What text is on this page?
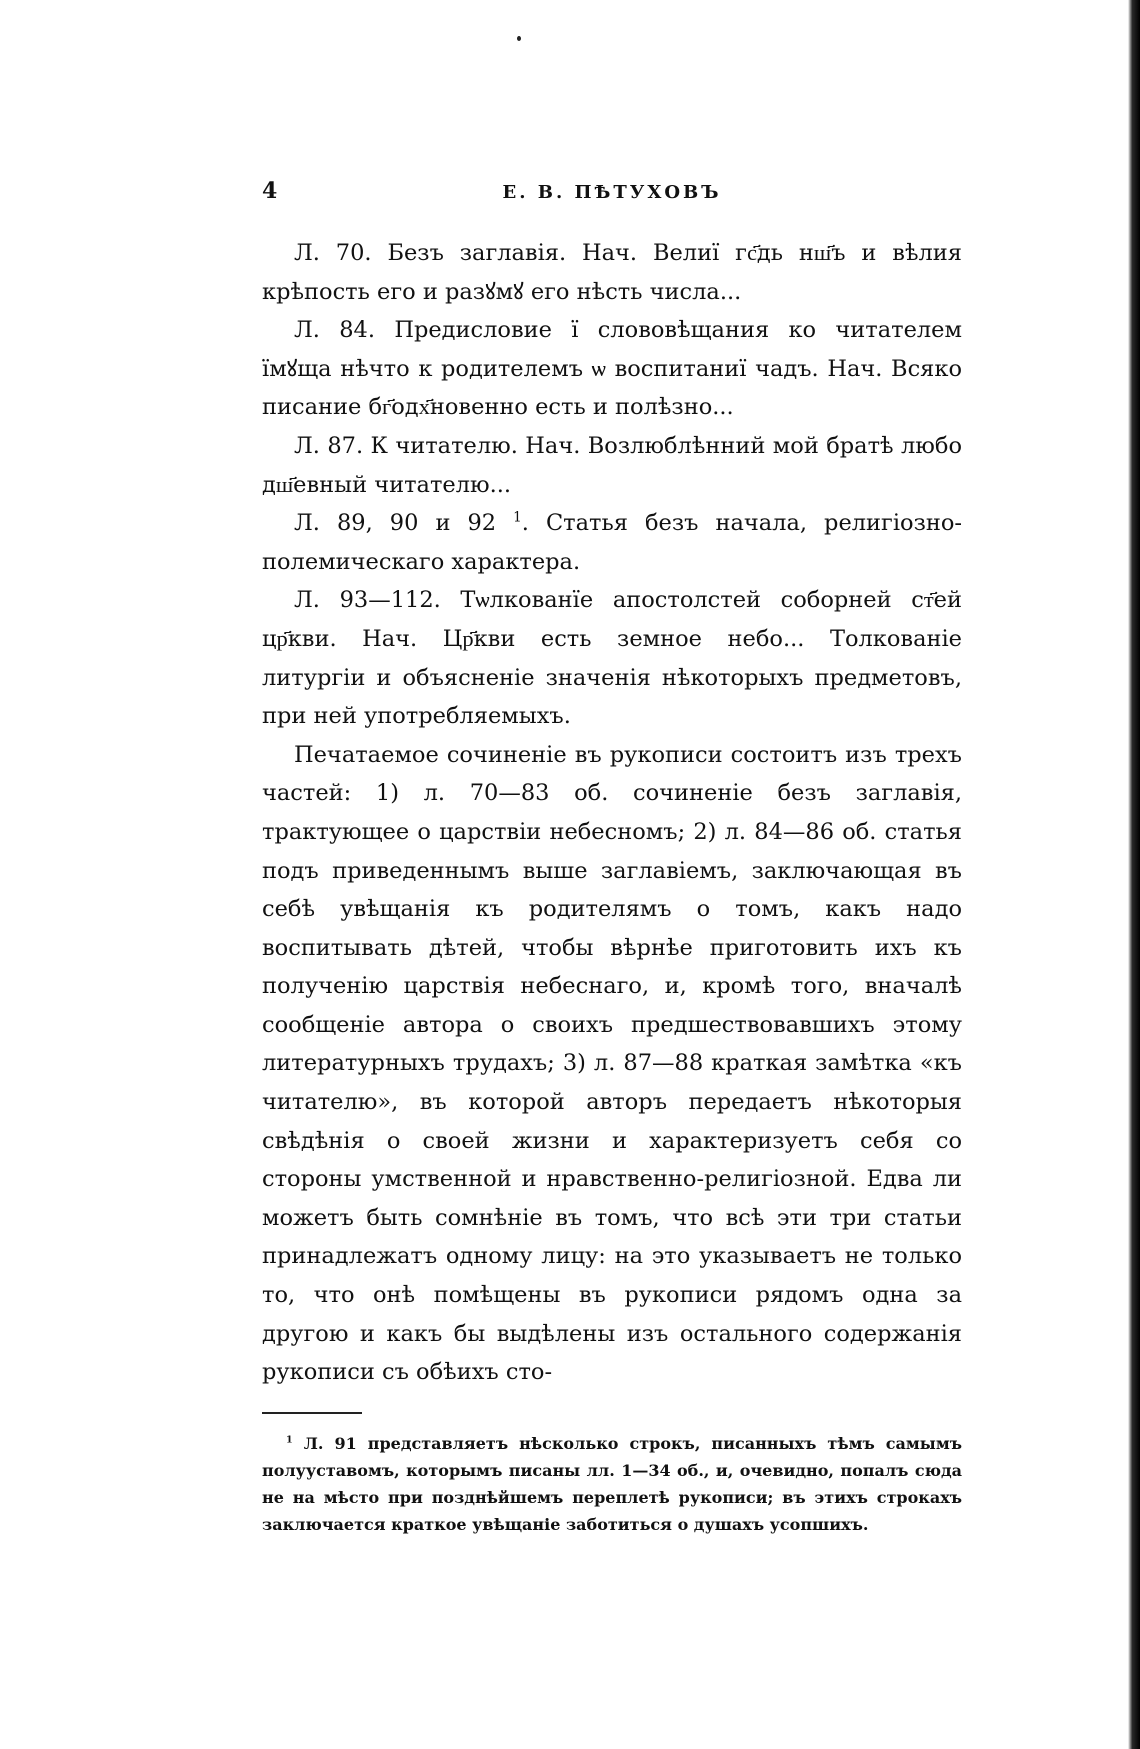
4	Е. В. ПѢТУХОВЪ

Л. 70. Безъ заглавія. Нач. Велиї гс҃дь нш҃ъ и вѣлия крѣпость его и разꙋмꙋ его нѣсть числа...

Л. 84. Предисловие ї слововѣщания ко читателем їмꙋща нѣчто к родителемъ ѡ воспитаниї чадъ. Нач. Всяко писание бг҃одх҃новенно есть и полѣзно...

Л. 87. К читателю. Нач. Возлюблѣнний мой братѣ любо дш҃евный читателю...

Л. 89, 90 и 92 $^1$. Статья безъ начала, религіозно-полемическаго характера.

Л. 93—112. Тѡлкованїе апостолстей соборней ст҃ей цр҃кви. Нач. Цр҃кви есть земное небо... Толкованіе литургіи и объясненіе значенія нѣкоторыхъ предметовъ, при ней употребляемыхъ.

Печатаемое сочиненіе въ рукописи состоитъ изъ трехъ частей: 1) л. 70—83 об. сочиненіе безъ заглавія, трактующее о царствіи небесномъ; 2) л. 84—86 об. статья подъ приведеннымъ выше заглавіемъ, заключающая въ себѣ увѣщанія къ родителямъ о томъ, какъ надо воспитывать дѣтей, чтобы вѣрнѣе приготовить ихъ къ полученію царствія небеснаго, и, кромѣ того, вначалѣ сообщеніе автора о своихъ предшествовавшихъ этому литературныхъ трудахъ; 3) л. 87—88 краткая замѣтка «къ читателю», въ которой авторъ передаетъ нѣкоторыя свѣдѣнія о своей жизни и характеризуетъ себя со стороны умственной и нравственно-религіозной. Едва ли можетъ быть сомнѣніе въ томъ, что всѣ эти три статьи принадлежатъ одному лицу: на это указываетъ не только то, что онѣ помѣщены въ рукописи рядомъ одна за другою и какъ бы выдѣлены изъ остального содержанія рукописи съ обѣихъ сто-

$^1$ Л. 91 представляетъ нѣсколько строкъ, писанныхъ тѣмъ самымъ полууставомъ, которымъ писаны лл. 1—34 об., и, очевидно, попалъ сюда не на мѣсто при позднѣйшемъ переплетѣ рукописи; въ этихъ строкахъ заключается краткое увѣщаніе заботиться о душахъ усопшихъ.
